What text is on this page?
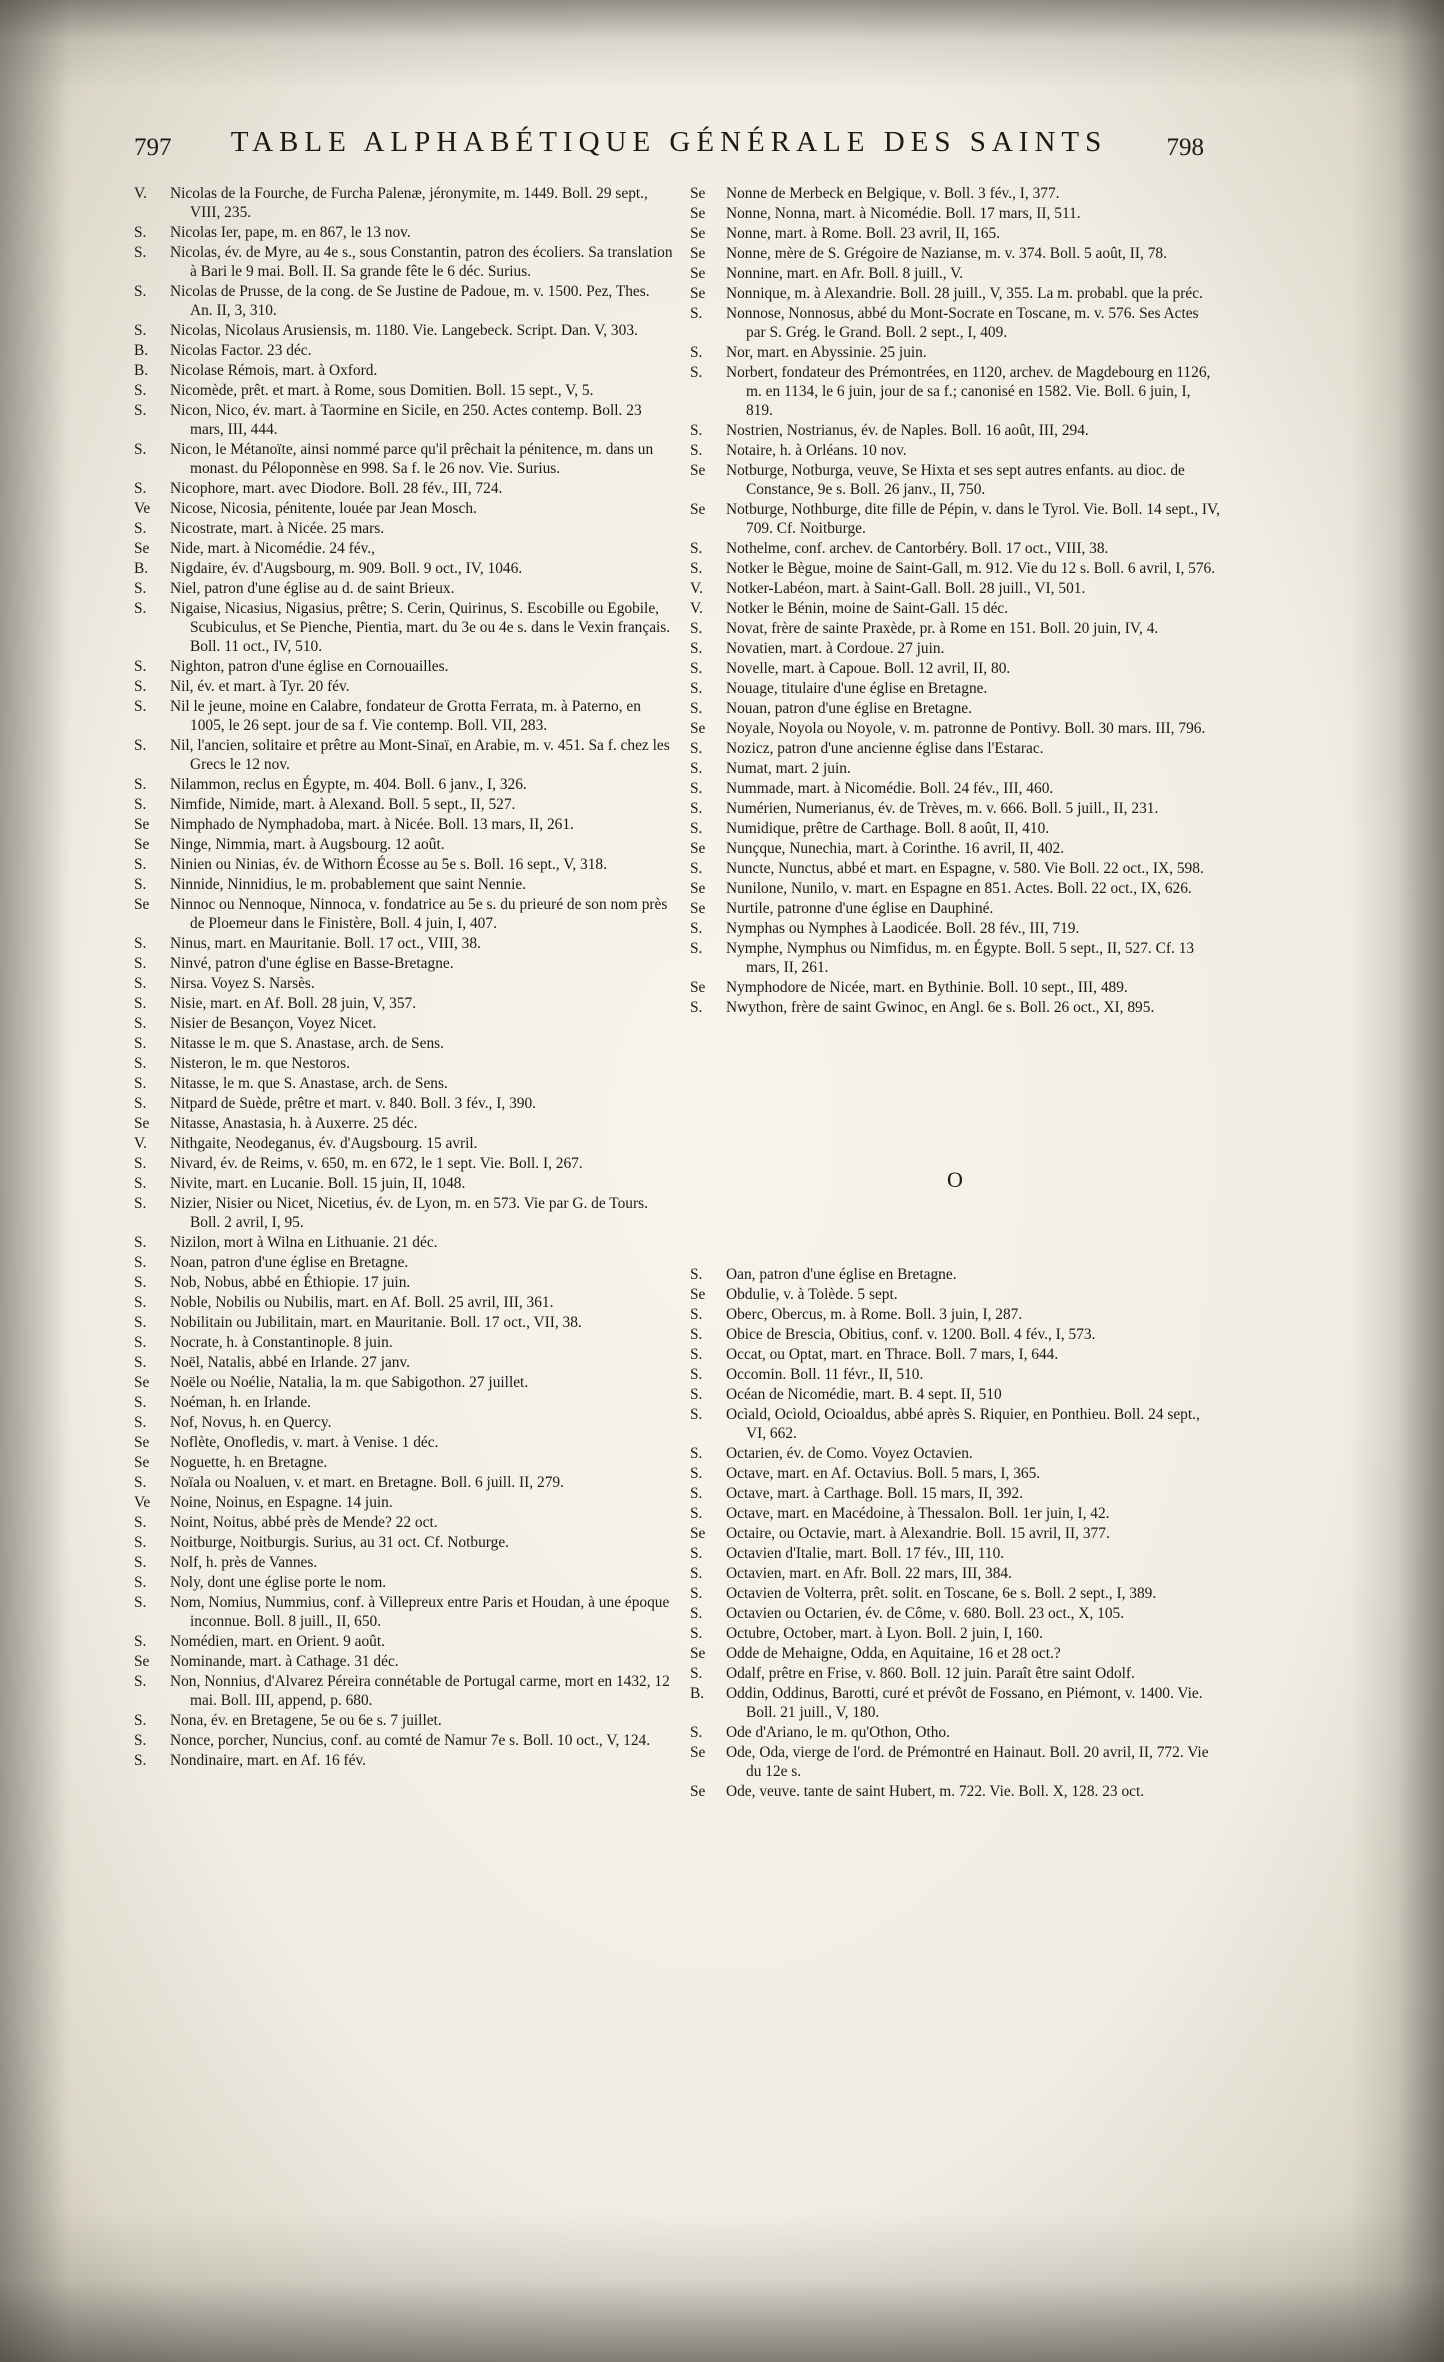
797	TABLE ALPHABÉTIQUE GÉNÉRALE DES SAINTS	798
V.	Nicolas de la Fourche, de Furcha Palenæ, jéronymite, m. 1449. Boll. 29 sept., VIII, 235.
S.	Nicolas Ier, pape, m. en 867, le 13 nov.
S.	Nicolas, év. de Myre, au 4e s., sous Constantin, patron des écoliers. Sa translation à Bari le 9 mai. Boll. II. Sa grande fête le 6 déc. Surius.
S.	Nicolas de Prusse, de la cong. de Se Justine de Padoue, m. v. 1500. Pez, Thes. An. II, 3, 310.
S.	Nicolas, Nicolaus Arusiensis, m. 1180. Vie. Langebeck. Script. Dan. V, 303.
B.	Nicolas Factor. 23 déc.
B.	Nicolase Rémois, mart. à Oxford.
S.	Nicomède, prêt. et mart. à Rome, sous Domitien. Boll. 15 sept., V, 5.
S.	Nicon, Nico, év. mart. à Taormine en Sicile, en 250. Actes contemp. Boll. 23 mars, III, 444.
S.	Nicon, le Métanoïte, ainsi nommé parce qu'il prêchait la pénitence, m. dans un monast. du Péloponnèse en 998. Sa f. le 26 nov. Vie. Surius.
S.	Nicophore, mart. avec Diodore. Boll. 28 fév., III, 724.
Ve	Nicose, Nicosia, pénitente, louée par Jean Mosch.
S.	Nicostrate, mart. à Nicée. 25 mars.
Se	Nide, mart. à Nicomédie. 24 fév.,
B.	Nigdaire, év. d'Augsbourg, m. 909. Boll. 9 oct., IV, 1046.
S.	Niel, patron d'une église au d. de saint Brieux.
S.	Nigaise, Nicasius, Nigasius, prêtre; S. Cerin, Quirinus, S. Escobille ou Egobile, Scubiculus, et Se Pienche, Pientia, mart. du 3e ou 4e s. dans le Vexin français. Boll. 11 oct., IV, 510.
S.	Nighton, patron d'une église en Cornouailles.
S.	Nil, év. et mart. à Tyr. 20 fév.
S.	Nil le jeune, moine en Calabre, fondateur de Grotta Ferrata, m. à Paterno, en 1005, le 26 sept. jour de sa f. Vie contemp. Boll. VII, 283.
S.	Nil, l'ancien, solitaire et prêtre au Mont-Sinaï, en Arabie, m. v. 451. Sa f. chez les Grecs le 12 nov.
S.	Nilammon, reclus en Égypte, m. 404. Boll. 6 janv., I, 326.
S.	Nimfide, Nimide, mart. à Alexand. Boll. 5 sept., II, 527.
Se	Nimphado de Nymphadoba, mart. à Nicée. Boll. 13 mars, II, 261.
Se	Ninge, Nimmia, mart. à Augsbourg. 12 août.
S.	Ninien ou Ninias, év. de Withorn Écosse au 5e s. Boll. 16 sept., V, 318.
S.	Ninnide, Ninnidius, le m. probablement que saint Nennie.
Se	Ninnoc ou Nennoque, Ninnoca, v. fondatrice au 5e s. du prieuré de son nom près de Ploemeur dans le Finistère, Boll. 4 juin, I, 407.
S.	Ninus, mart. en Mauritanie. Boll. 17 oct., VIII, 38.
S.	Ninvé, patron d'une église en Basse-Bretagne.
S.	Nirsa. Voyez S. Narsès.
S.	Nisie, mart. en Af. Boll. 28 juin, V, 357.
S.	Nisier de Besançon, Voyez Nicet.
S.	Nitasse le m. que S. Anastase, arch. de Sens.
S.	Nisteron, le m. que Nestoros.
S.	Nitasse, le m. que S. Anastase, arch. de Sens.
S.	Nitpard de Suède, prêtre et mart. v. 840. Boll. 3 fév., I, 390.
Se	Nitasse, Anastasia, h. à Auxerre. 25 déc.
V.	Nithgaite, Neodeganus, év. d'Augsbourg. 15 avril.
S.	Nivard, év. de Reims, v. 650, m. en 672, le 1 sept. Vie. Boll. I, 267.
S.	Nivite, mart. en Lucanie. Boll. 15 juin, II, 1048.
S.	Nizier, Nisier ou Nicet, Nicetius, év. de Lyon, m. en 573. Vie par G. de Tours. Boll. 2 avril, I, 95.
S.	Nizilon, mort à Wilna en Lithuanie. 21 déc.
S.	Noan, patron d'une église en Bretagne.
S.	Nob, Nobus, abbé en Éthiopie. 17 juin.
S.	Noble, Nobilis ou Nubilis, mart. en Af. Boll. 25 avril, III, 361.
S.	Nobilitain ou Jubilitain, mart. en Mauritanie. Boll. 17 oct., VII, 38.
S.	Nocrate, h. à Constantinople. 8 juin.
S.	Noël, Natalis, abbé en Irlande. 27 janv.
Se	Noële ou Noélie, Natalia, la m. que Sabigothon. 27 juillet.
S.	Noéman, h. en Irlande.
S.	Nof, Novus, h. en Quercy.
Se	Noflète, Onofledis, v. mart. à Venise. 1 déc.
Se	Noguette, h. en Bretagne.
S.	Noïala ou Noaluen, v. et mart. en Bretagne. Boll. 6 juill. II, 279.
Ve	Noine, Noinus, en Espagne. 14 juin.
S.	Noint, Noitus, abbé près de Mende? 22 oct.
S.	Noitburge, Noitburgis. Surius, au 31 oct. Cf. Notburge.
S.	Nolf, h. près de Vannes.
S.	Noly, dont une église porte le nom.
S.	Nom, Nomius, Nummius, conf. à Villepreux entre Paris et Houdan, à une époque inconnue. Boll. 8 juill., II, 650.
S.	Nomédien, mart. en Orient. 9 août.
Se	Nominande, mart. à Cathage. 31 déc.
S.	Non, Nonnius, d'Alvarez Péreira connétable de Portugal carme, mort en 1432, 12 mai. Boll. III, append, p. 680.
S.	Nona, év. en Bretagene, 5e ou 6e s. 7 juillet.
S.	Nonce, porcher, Nuncius, conf. au comté de Namur 7e s. Boll. 10 oct., V, 124.
S.	Nondinaire, mart. en Af. 16 fév.
Se	Nonne de Merbeck en Belgique, v. Boll. 3 fév., I, 377.
Se	Nonne, Nonna, mart. à Nicomédie. Boll. 17 mars, II, 511.
Se	Nonne, mart. à Rome. Boll. 23 avril, II, 165.
Se	Nonne, mère de S. Grégoire de Nazianse, m. v. 374. Boll. 5 août, II, 78.
Se	Nonnine, mart. en Afr. Boll. 8 juill., V.
Se	Nonnique, m. à Alexandrie. Boll. 28 juill., V, 355. La m. probabl. que la préc.
S.	Nonnose, Nonnosus, abbé du Mont-Socrate en Toscane, m. v. 576. Ses Actes par S. Grég. le Grand. Boll. 2 sept., I, 409.
S.	Nor, mart. en Abyssinie. 25 juin.
S.	Norbert, fondateur des Prémontrées, en 1120, archev. de Magdebourg en 1126, m. en 1134, le 6 juin, jour de sa f.; canonisé en 1582. Vie. Boll. 6 juin, I, 819.
S.	Nostrien, Nostrianus, év. de Naples. Boll. 16 août, III, 294.
S.	Notaire, h. à Orléans. 10 nov.
Se	Notburge, Notburga, veuve, Se Hixta et ses sept autres enfants. au dioc. de Constance, 9e s. Boll. 26 janv., II, 750.
Se	Notburge, Nothburge, dite fille de Pépin, v. dans le Tyrol. Vie. Boll. 14 sept., IV, 709. Cf. Noitburge.
S.	Nothelme, conf. archev. de Cantorbéry. Boll. 17 oct., VIII, 38.
S.	Notker le Bègue, moine de Saint-Gall, m. 912. Vie du 12 s. Boll. 6 avril, I, 576.
V.	Notker-Labéon, mart. à Saint-Gall. Boll. 28 juill., VI, 501.
V.	Notker le Bénin, moine de Saint-Gall. 15 déc.
S.	Novat, frère de sainte Praxède, pr. à Rome en 151. Boll. 20 juin, IV, 4.
S.	Novatien, mart. à Cordoue. 27 juin.
S.	Novelle, mart. à Capoue. Boll. 12 avril, II, 80.
S.	Nouage, titulaire d'une église en Bretagne.
S.	Nouan, patron d'une église en Bretagne.
Se	Noyale, Noyola ou Noyole, v. m. patronne de Pontivy. Boll. 30 mars. III, 796.
S.	Nozicz, patron d'une ancienne église dans l'Estarac.
S.	Numat, mart. 2 juin.
S.	Nummade, mart. à Nicomédie. Boll. 24 fév., III, 460.
S.	Numérien, Numerianus, év. de Trèves, m. v. 666. Boll. 5 juill., II, 231.
S.	Numidique, prêtre de Carthage. Boll. 8 août, II, 410.
Se	Nunçque, Nunechia, mart. à Corinthe. 16 avril, II, 402.
S.	Nuncte, Nunctus, abbé et mart. en Espagne, v. 580. Vie Boll. 22 oct., IX, 598.
Se	Nunilone, Nunilo, v. mart. en Espagne en 851. Actes. Boll. 22 oct., IX, 626.
Se	Nurtile, patronne d'une église en Dauphiné.
S.	Nymphas ou Nymphes à Laodicée. Boll. 28 fév., III, 719.
S.	Nymphe, Nymphus ou Nimfidus, m. en Égypte. Boll. 5 sept., II, 527. Cf. 13 mars, II, 261.
Se	Nymphodore de Nicée, mart. en Bythinie. Boll. 10 sept., III, 489.
S.	Nwython, frère de saint Gwinoc, en Angl. 6e s. Boll. 26 oct., XI, 895.
O
S.	Oan, patron d'une église en Bretagne.
Se	Obdulie, v. à Tolède. 5 sept.
S.	Oberc, Obercus, m. à Rome. Boll. 3 juin, I, 287.
S.	Obice de Brescia, Obitius, conf. v. 1200. Boll. 4 fév., I, 573.
S.	Occat, ou Optat, mart. en Thrace. Boll. 7 mars, I, 644.
S.	Occomin. Boll. 11 févr., II, 510.
S.	Océan de Nicomédie, mart. B. 4 sept. II, 510
S.	Ocìald, Ocìold, Ocioaldus, abbé après S. Riquier, en Ponthieu. Boll. 24 sept., VI, 662.
S.	Octarien, év. de Como. Voyez Octavien.
S.	Octave, mart. en Af. Octavius. Boll. 5 mars, I, 365.
S.	Octave, mart. à Carthage. Boll. 15 mars, II, 392.
S.	Octave, mart. en Macédoine, à Thessalon. Boll. 1er juin, I, 42.
Se	Octaire, ou Octavie, mart. à Alexandrie. Boll. 15 avril, II, 377.
S.	Octavien d'Italie, mart. Boll. 17 fév., III, 110.
S.	Octavien, mart. en Afr. Boll. 22 mars, III, 384.
S.	Octavien de Volterra, prêt. solit. en Toscane, 6e s. Boll. 2 sept., I, 389.
S.	Octavien ou Octarien, év. de Côme, v. 680. Boll. 23 oct., X, 105.
S.	Octubre, October, mart. à Lyon. Boll. 2 juin, I, 160.
Se	Odde de Mehaigne, Odda, en Aquitaine, 16 et 28 oct.?
S.	Odalf, prêtre en Frise, v. 860. Boll. 12 juin. Paraît être saint Odolf.
B.	Oddin, Oddinus, Barotti, curé et prévôt de Fossano, en Piémont, v. 1400. Vie. Boll. 21 juill., V, 180.
S.	Ode d'Ariano, le m. qu'Othon, Otho.
Se	Ode, Oda, vierge de l'ord. de Prémontré en Hainaut. Boll. 20 avril, II, 772. Vie du 12e s.
Se	Ode, veuve. tante de saint Hubert, m. 722. Vie. Boll. X, 128. 23 oct.
